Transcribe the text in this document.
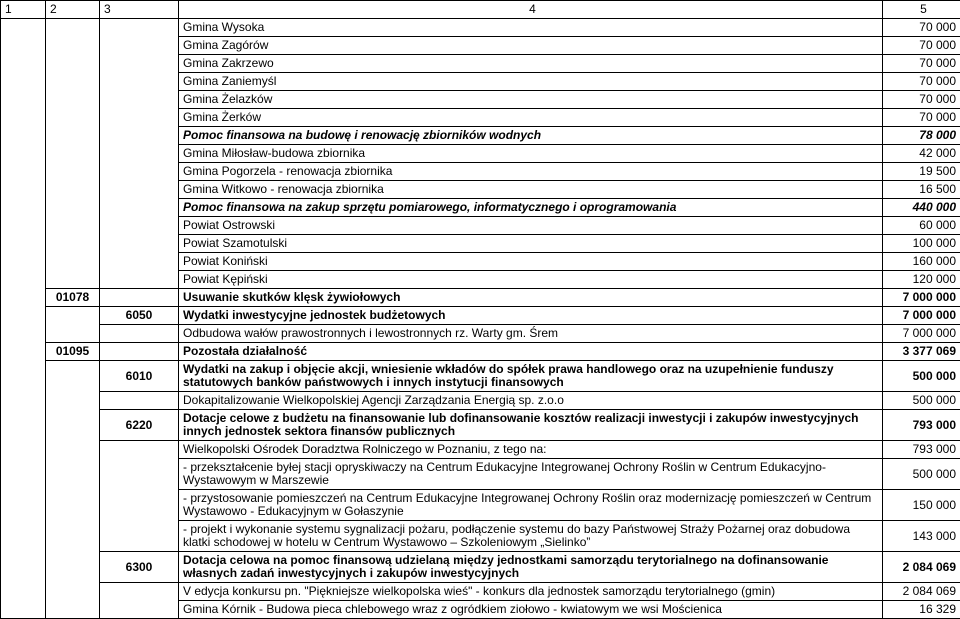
1	2	3	4	5
			Gmina Wysoka	70 000
			Gmina Zagórów	70 000
			Gmina Zakrzewo	70 000
			Gmina Zaniemyśl	70 000
			Gmina Żelazków	70 000
			Gmina Żerków	70 000
			Pomoc finansowa na budowę i renowację zbiorników wodnych	78 000
			Gmina Miłosław-budowa zbiornika	42 000
			Gmina Pogorzela - renowacja zbiornika	19 500
			Gmina Witkowo - renowacja zbiornika	16 500
			Pomoc finansowa na zakup sprzętu pomiarowego, informatycznego i oprogramowania	440 000
			Powiat Ostrowski	60 000
			Powiat Szamotulski	100 000
			Powiat Koniński	160 000
			Powiat Kępiński	120 000
	01078		Usuwanie skutków klęsk żywiołowych	7 000 000
		6050	Wydatki inwestycyjne jednostek budżetowych	7 000 000
			Odbudowa wałów prawostronnych i lewostronnych rz. Warty gm. Śrem	7 000 000
	01095		Pozostała działalność	3 377 069
		6010	Wydatki na zakup i objęcie akcji, wniesienie wkładów do spółek prawa handlowego oraz na uzupełnienie funduszy statutowych banków państwowych i innych instytucji finansowych	500 000
			Dokapitalizowanie Wielkopolskiej Agencji Zarządzania Energią sp. z.o.o	500 000
		6220	Dotacje celowe z budżetu na finansowanie lub dofinansowanie kosztów realizacji inwestycji i zakupów inwestycyjnych innych jednostek sektora finansów publicznych	793 000
			Wielkopolski Ośrodek Doradztwa Rolniczego w Poznaniu, z tego na:	793 000
			- przekształcenie byłej stacji opryskiwaczy na Centrum Edukacyjne Integrowanej Ochrony Roślin w Centrum Edukacyjno-Wystawowym w Marszewie	500 000
			- przystosowanie pomieszczeń na Centrum Edukacyjne Integrowanej Ochrony Roślin oraz modernizację pomieszczeń w Centrum Wystawowo - Edukacyjnym w Gołaszynie	150 000
			- projekt i wykonanie systemu sygnalizacji pożaru, podłączenie systemu do bazy Państwowej Straży Pożarnej oraz dobudowa klatki schodowej w hotelu w Centrum Wystawowo – Szkoleniowym „Sielinko”	143 000
		6300	Dotacja celowa na pomoc finansową udzielaną między jednostkami samorządu terytorialnego na dofinansowanie własnych zadań inwestycyjnych i zakupów inwestycyjnych	2 084 069
			V edycja konkursu pn. "Piękniejsze wielkopolska wieś" - konkurs dla jednostek samorządu terytorialnego (gmin)	2 084 069
			Gmina Kórnik - Budowa pieca chlebowego wraz z ogródkiem ziołowo - kwiatowym we wsi Mościenica	16 329
